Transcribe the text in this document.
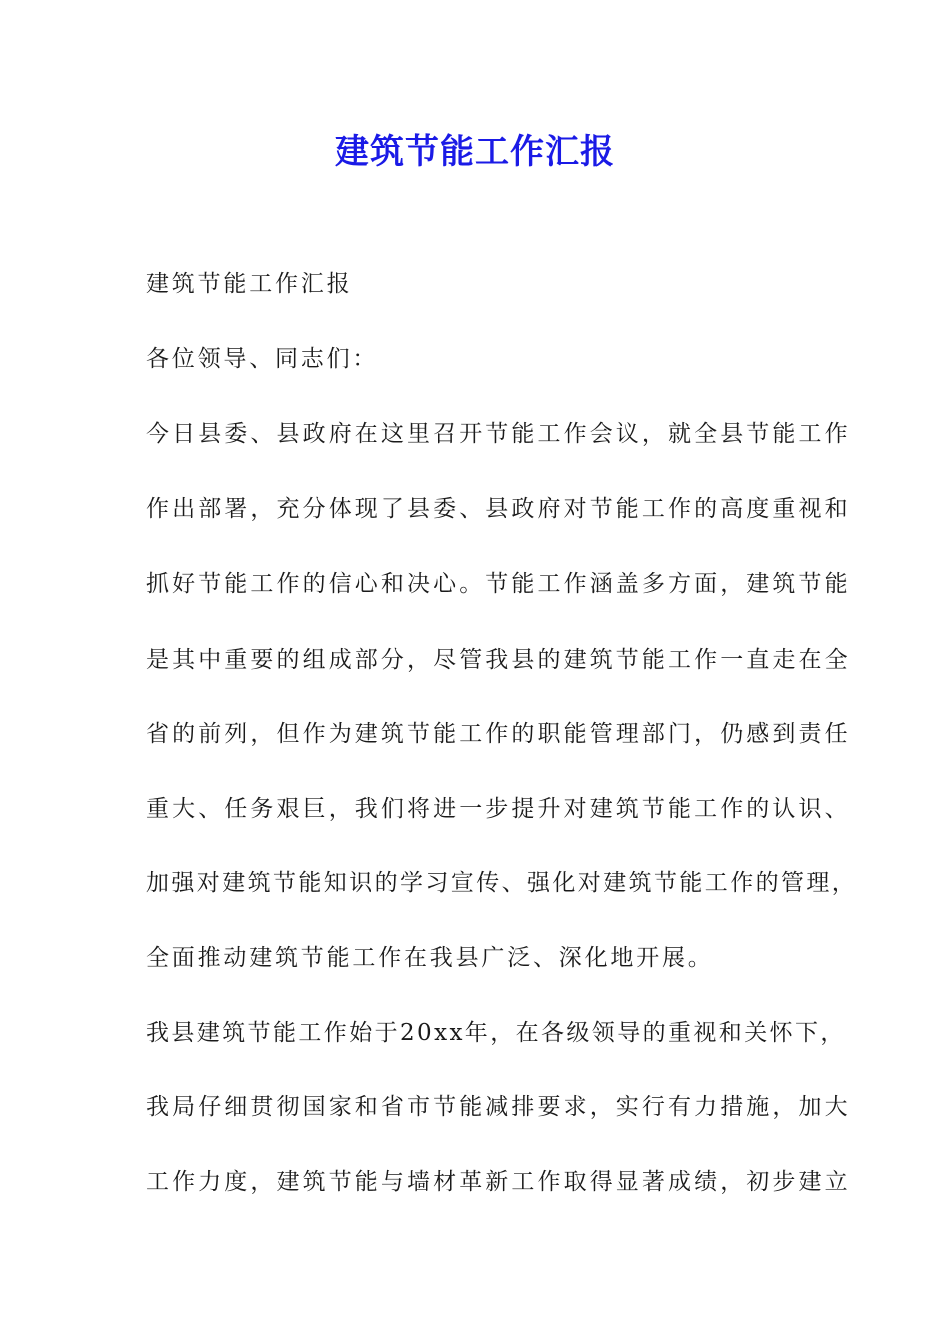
建筑节能工作汇报
建筑节能工作汇报
各位领导、同志们：
今日县委、县政府在这里召开节能工作会议，就全县节能工作
作出部署，充分体现了县委、县政府对节能工作的高度重视和
抓好节能工作的信心和决心。节能工作涵盖多方面，建筑节能
是其中重要的组成部分，尽管我县的建筑节能工作一直走在全
省的前列，但作为建筑节能工作的职能管理部门，仍感到责任
重大、任务艰巨，我们将进一步提升对建筑节能工作的认识、
加强对建筑节能知识的学习宣传、强化对建筑节能工作的管理，
全面推动建筑节能工作在我县广泛、深化地开展。
我县建筑节能工作始于20xx年，在各级领导的重视和关怀下，
我局仔细贯彻国家和省市节能减排要求，实行有力措施，加大
工作力度，建筑节能与墙材革新工作取得显著成绩，初步建立
